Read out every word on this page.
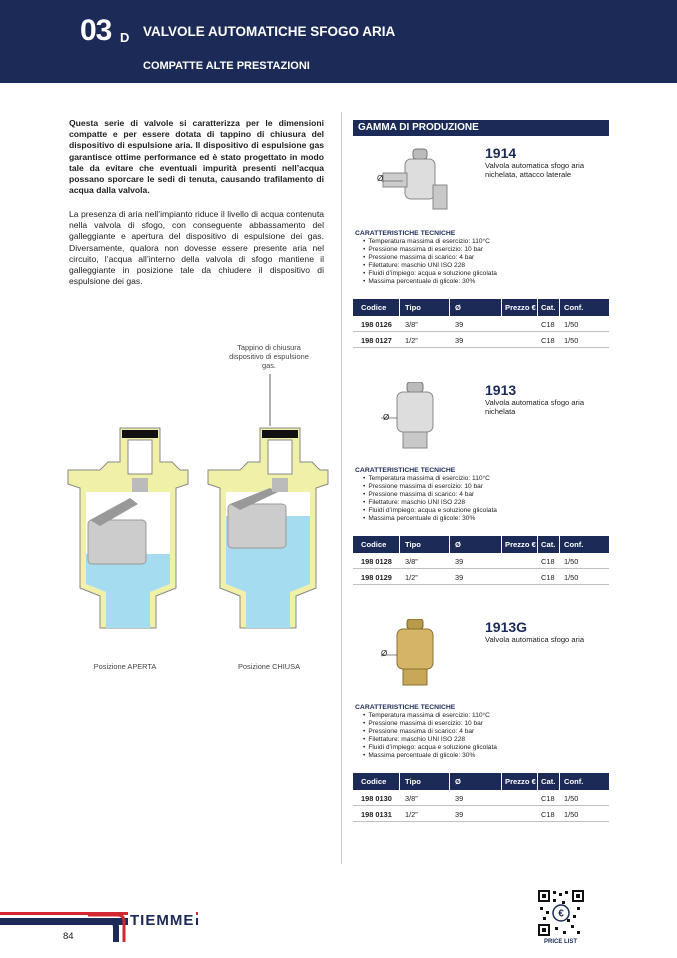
03 D VALVOLE AUTOMATICHE SFOGO ARIA
COMPATTE ALTE PRESTAZIONI

Questa serie di valvole si caratterizza per le dimensioni compatte e per essere dotata di tappino di chiusura del dispositivo di espulsione aria. Il dispositivo di espulsione gas garantisce ottime performance ed è stato progettato in modo tale da evitare che eventuali impurità presenti nell’acqua possano sporcare le sedi di tenuta, causando trafilamento di acqua dalla valvola.

La presenza di aria nell’impianto riduce il livello di acqua contenuta nella valvola di sfogo, con conseguente abbassamento del galleggiante e apertura del dispositivo di espulsione dei gas. Diversamente, qualora non dovesse essere presente aria nel circuito, l’acqua all’interno della valvola di sfogo mantiene il galleggiante in posizione tale da chiudere il dispositivo di espulsione dei gas.

Tappino di chiusura dispositivo di espulsione gas.
Posizione APERTA	Posizione CHIUSA
GAMMA DI PRODUZIONE
Ø
1914
Valvola automatica sfogo aria nichelata, attacco laterale
CARATTERISTICHE TECNICHE
• Temperatura massima di esercizio: 110°C
• Pressione massima di esercizio: 10 bar
• Pressione massima di scarico: 4 bar
• Filettature: maschio UNI ISO 228
• Fluidi d’impiego: acqua e soluzione glicolata
• Massima percentuale di glicole: 30%
Codice Tipo	Ø	Prezzo € Cat. Conf.
198 0126 3/8”	39	C18 1/50
198 0127 1/2”	39	C18 1/50
Ø
1913
Valvola automatica sfogo aria nichelata
CARATTERISTICHE TECNICHE
• Temperatura massima di esercizio: 110°C
• Pressione massima di esercizio: 10 bar
• Pressione massima di scarico: 4 bar
• Filettature: maschio UNI ISO 228
• Fluidi d’impiego: acqua e soluzione glicolata
• Massima percentuale di glicole: 30%
Codice Tipo	Ø	Prezzo € Cat. Conf.
198 0128 3/8”	39	C18 1/50
198 0129 1/2”	39	C18 1/50
Ø
1913G
Valvola automatica sfogo aria
CARATTERISTICHE TECNICHE
• Temperatura massima di esercizio: 110°C
• Pressione massima di esercizio: 10 bar
• Pressione massima di scarico: 4 bar
• Filettature: maschio UNI ISO 228
• Fluidi d’impiego: acqua e soluzione glicolata
• Massima percentuale di glicole: 30%
Codice Tipo	Ø	Prezzo € Cat. Conf.
198 0130 3/8”	39	C18 1/50
198 0131 1/2”	39	C18 1/50
TIEMME
84
€
PRICE LIST
